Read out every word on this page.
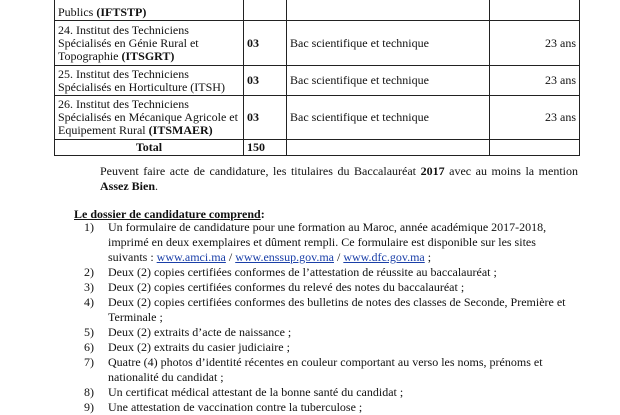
Publics (IFTSTP)			
24. Institut des Techniciens Spécialisés en Génie Rural et Topographie (ITSGRT)	03	Bac scientifique et technique	23 ans
25. Institut des Techniciens Spécialisés en Horticulture (ITSH)	03	Bac scientifique et technique	23 ans
26. Institut des Techniciens Spécialisés en Mécanique Agricole et Equipement Rural (ITSMAER)	03	Bac scientifique et technique	23 ans
Total	150		
Peuvent faire acte de candidature, les titulaires du Baccalauréat 2017 avec au moins la mention Assez Bien.
Le dossier de candidature comprend:
1) Un formulaire de candidature pour une formation au Maroc, année académique 2017-2018, imprimé en deux exemplaires et dûment rempli. Ce formulaire est disponible sur les sites suivants : www.amci.ma / www.enssup.gov.ma / www.dfc.gov.ma ;
2) Deux (2) copies certifiées conformes de l’attestation de réussite au baccalauréat ;
3) Deux (2) copies certifiées conformes du relevé des notes du baccalauréat ;
4) Deux (2) copies certifiées conformes des bulletins de notes des classes de Seconde, Première et Terminale ;
5) Deux (2) extraits d’acte de naissance ;
6) Deux (2) extraits du casier judiciaire ;
7) Quatre (4) photos d’identité récentes en couleur comportant au verso les noms, prénoms et nationalité du candidat ;
8) Un certificat médical attestant de la bonne santé du candidat ;
9) Une attestation de vaccination contre la tuberculose ;
